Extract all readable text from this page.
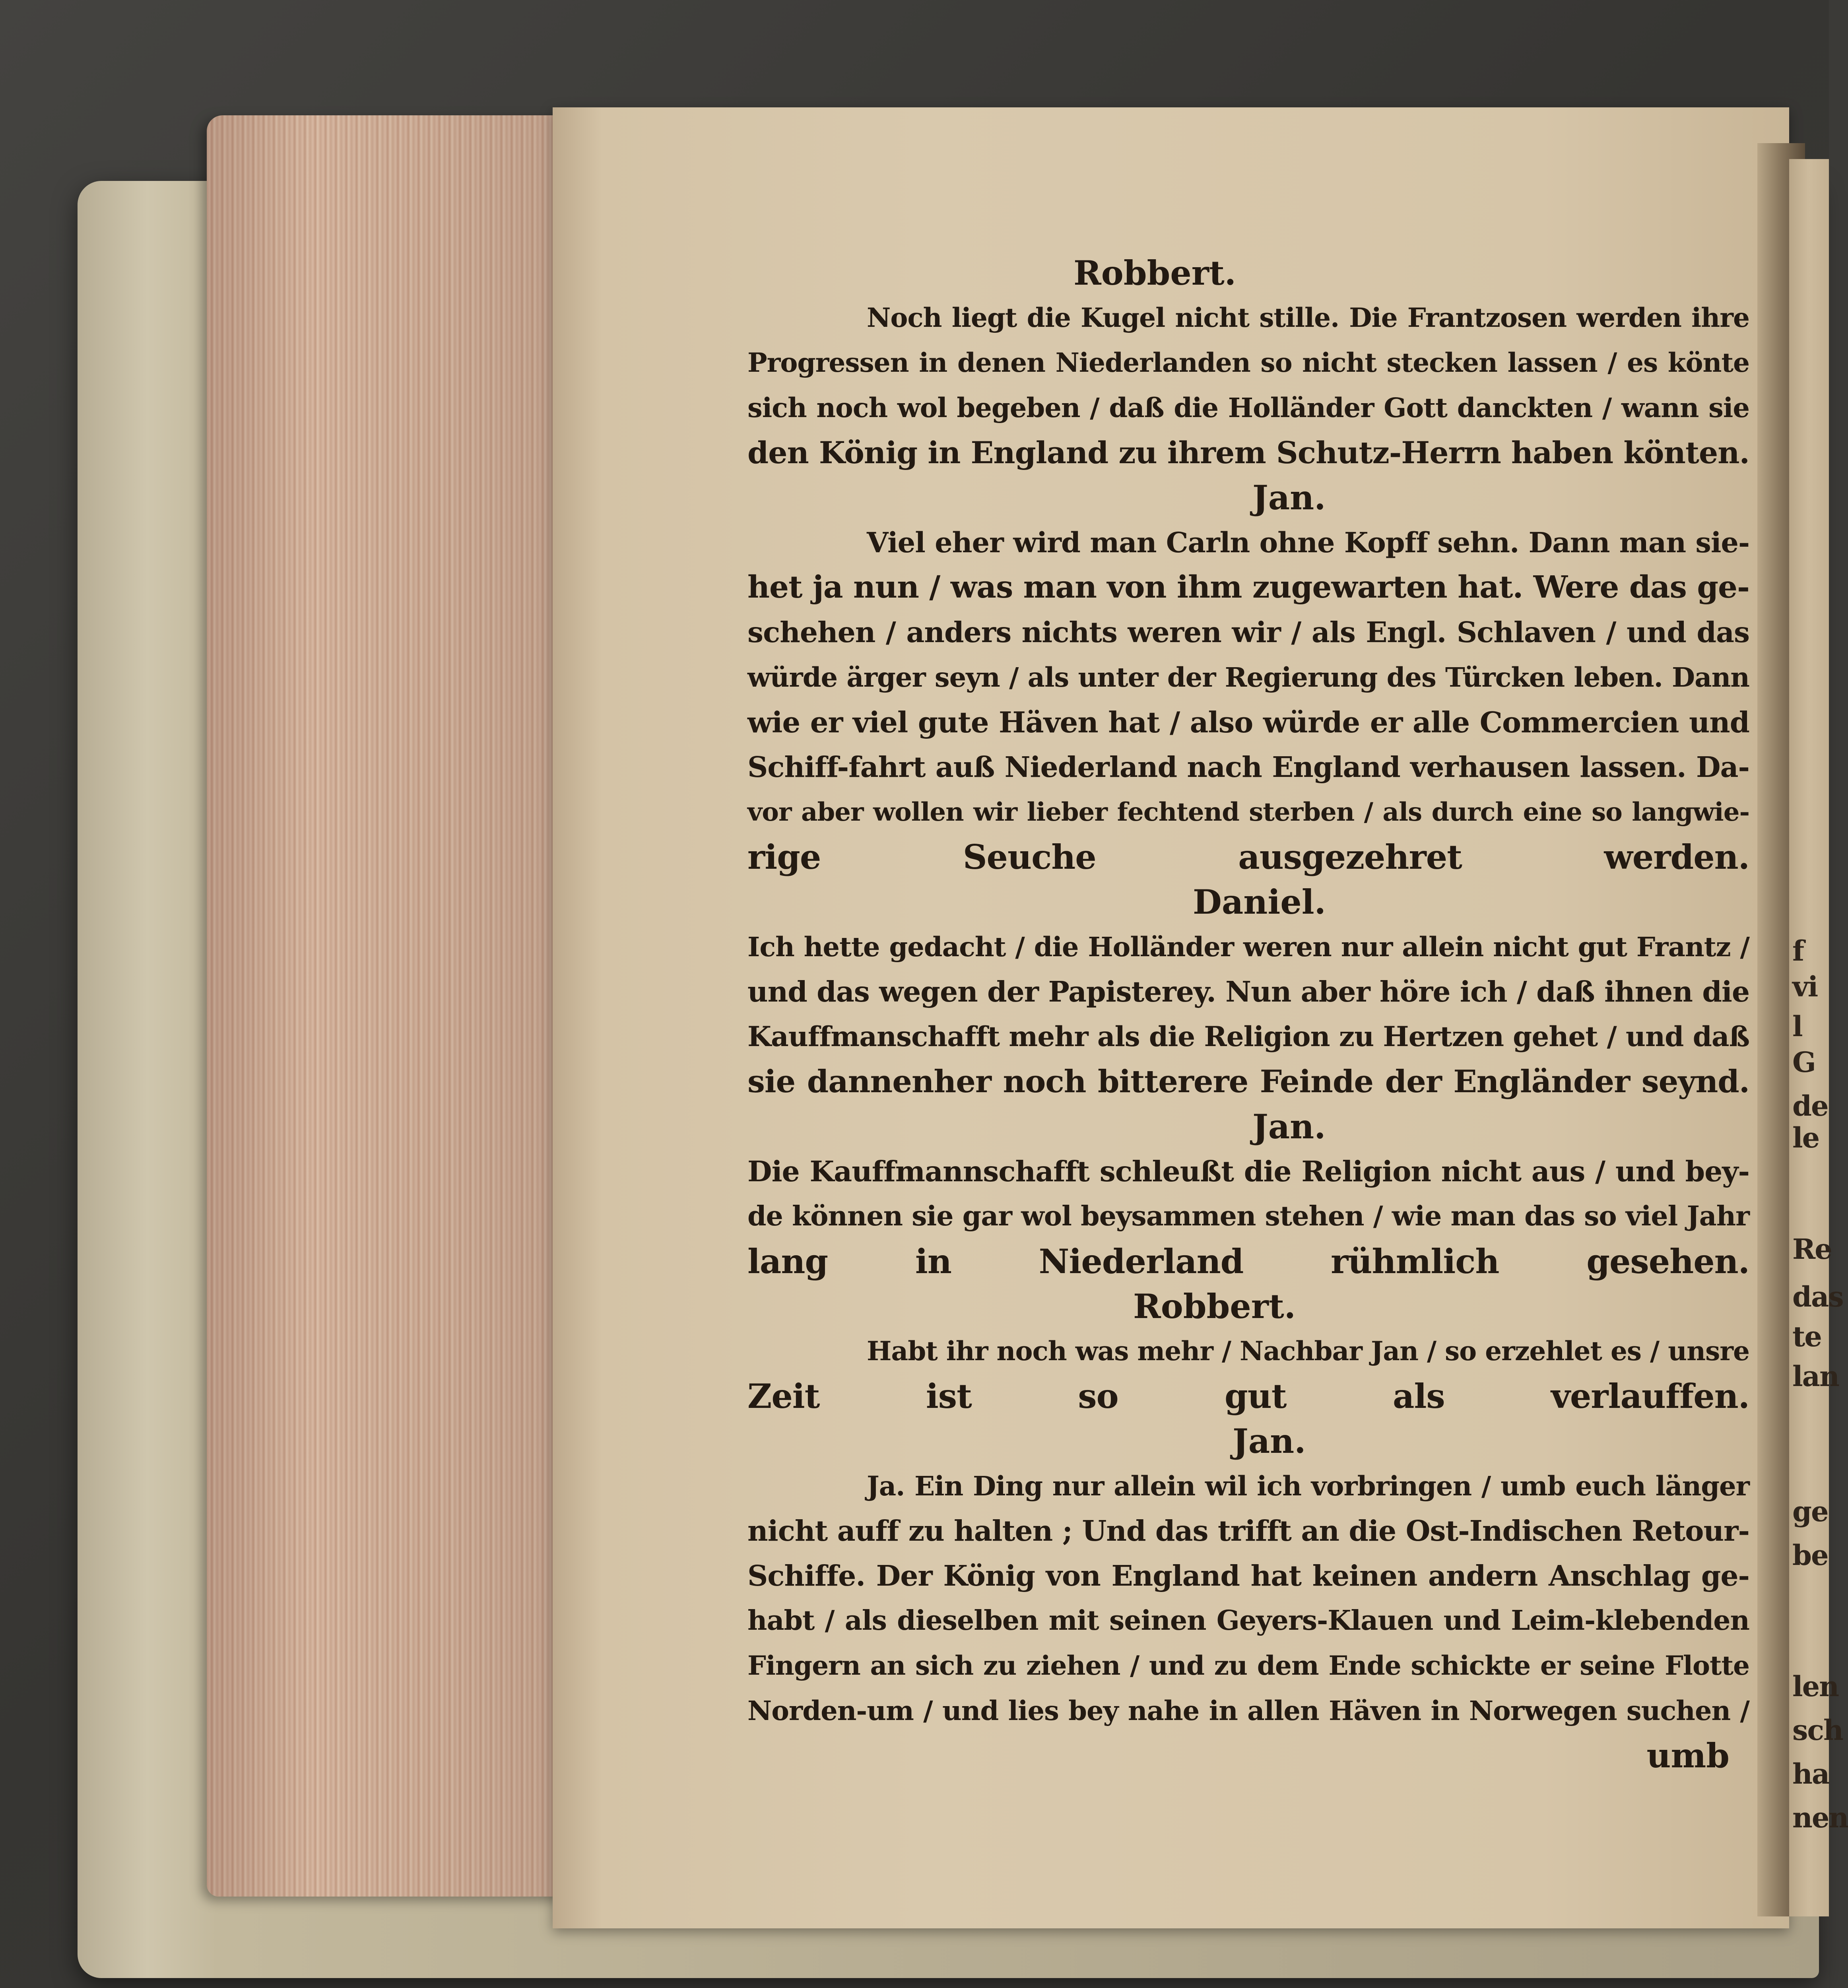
f
vi
l
G
de
le
Re
das
te
lan
ge
be
len
sch
ha
nen
Robbert.
Noch liegt die Kugel nicht stille. Die Frantzosen werden ihre
Progressen in denen Niederlanden so nicht stecken lassen / es könte
sich noch wol begeben / daß die Holländer Gott danckten / wann sie
den König in England zu ihrem Schutz-Herrn haben könten.
Jan.
Viel eher wird man Carln ohne Kopff sehn. Dann man sie-
het ja nun / was man von ihm zugewarten hat. Were das ge-
schehen / anders nichts weren wir / als Engl. Schlaven / und das
würde ärger seyn / als unter der Regierung des Türcken leben. Dann
wie er viel gute Häven hat / also würde er alle Commercien und
Schiff-fahrt auß Niederland nach England verhausen lassen. Da-
vor aber wollen wir lieber fechtend sterben / als durch eine so langwie-
rige Seuche ausgezehret werden.
Daniel.
Ich hette gedacht / die Holländer weren nur allein nicht gut Frantz /
und das wegen der Papisterey. Nun aber höre ich / daß ihnen die
Kauffmanschafft mehr als die Religion zu Hertzen gehet / und daß
sie dannenher noch bitterere Feinde der Engländer seynd.
Jan.
Die Kauffmannschafft schleußt die Religion nicht aus / und bey-
de können sie gar wol beysammen stehen / wie man das so viel Jahr
lang in Niederland rühmlich gesehen.
Robbert.
Habt ihr noch was mehr / Nachbar Jan / so erzehlet es / unsre
Zeit ist so gut als verlauffen.
Jan.
Ja. Ein Ding nur allein wil ich vorbringen / umb euch länger
nicht auff zu halten ; Und das trifft an die Ost-Indischen Retour-
Schiffe. Der König von England hat keinen andern Anschlag ge-
habt / als dieselben mit seinen Geyers-Klauen und Leim-klebenden
Fingern an sich zu ziehen / und zu dem Ende schickte er seine Flotte
Norden-um / und lies bey nahe in allen Häven in Norwegen suchen /
umb
